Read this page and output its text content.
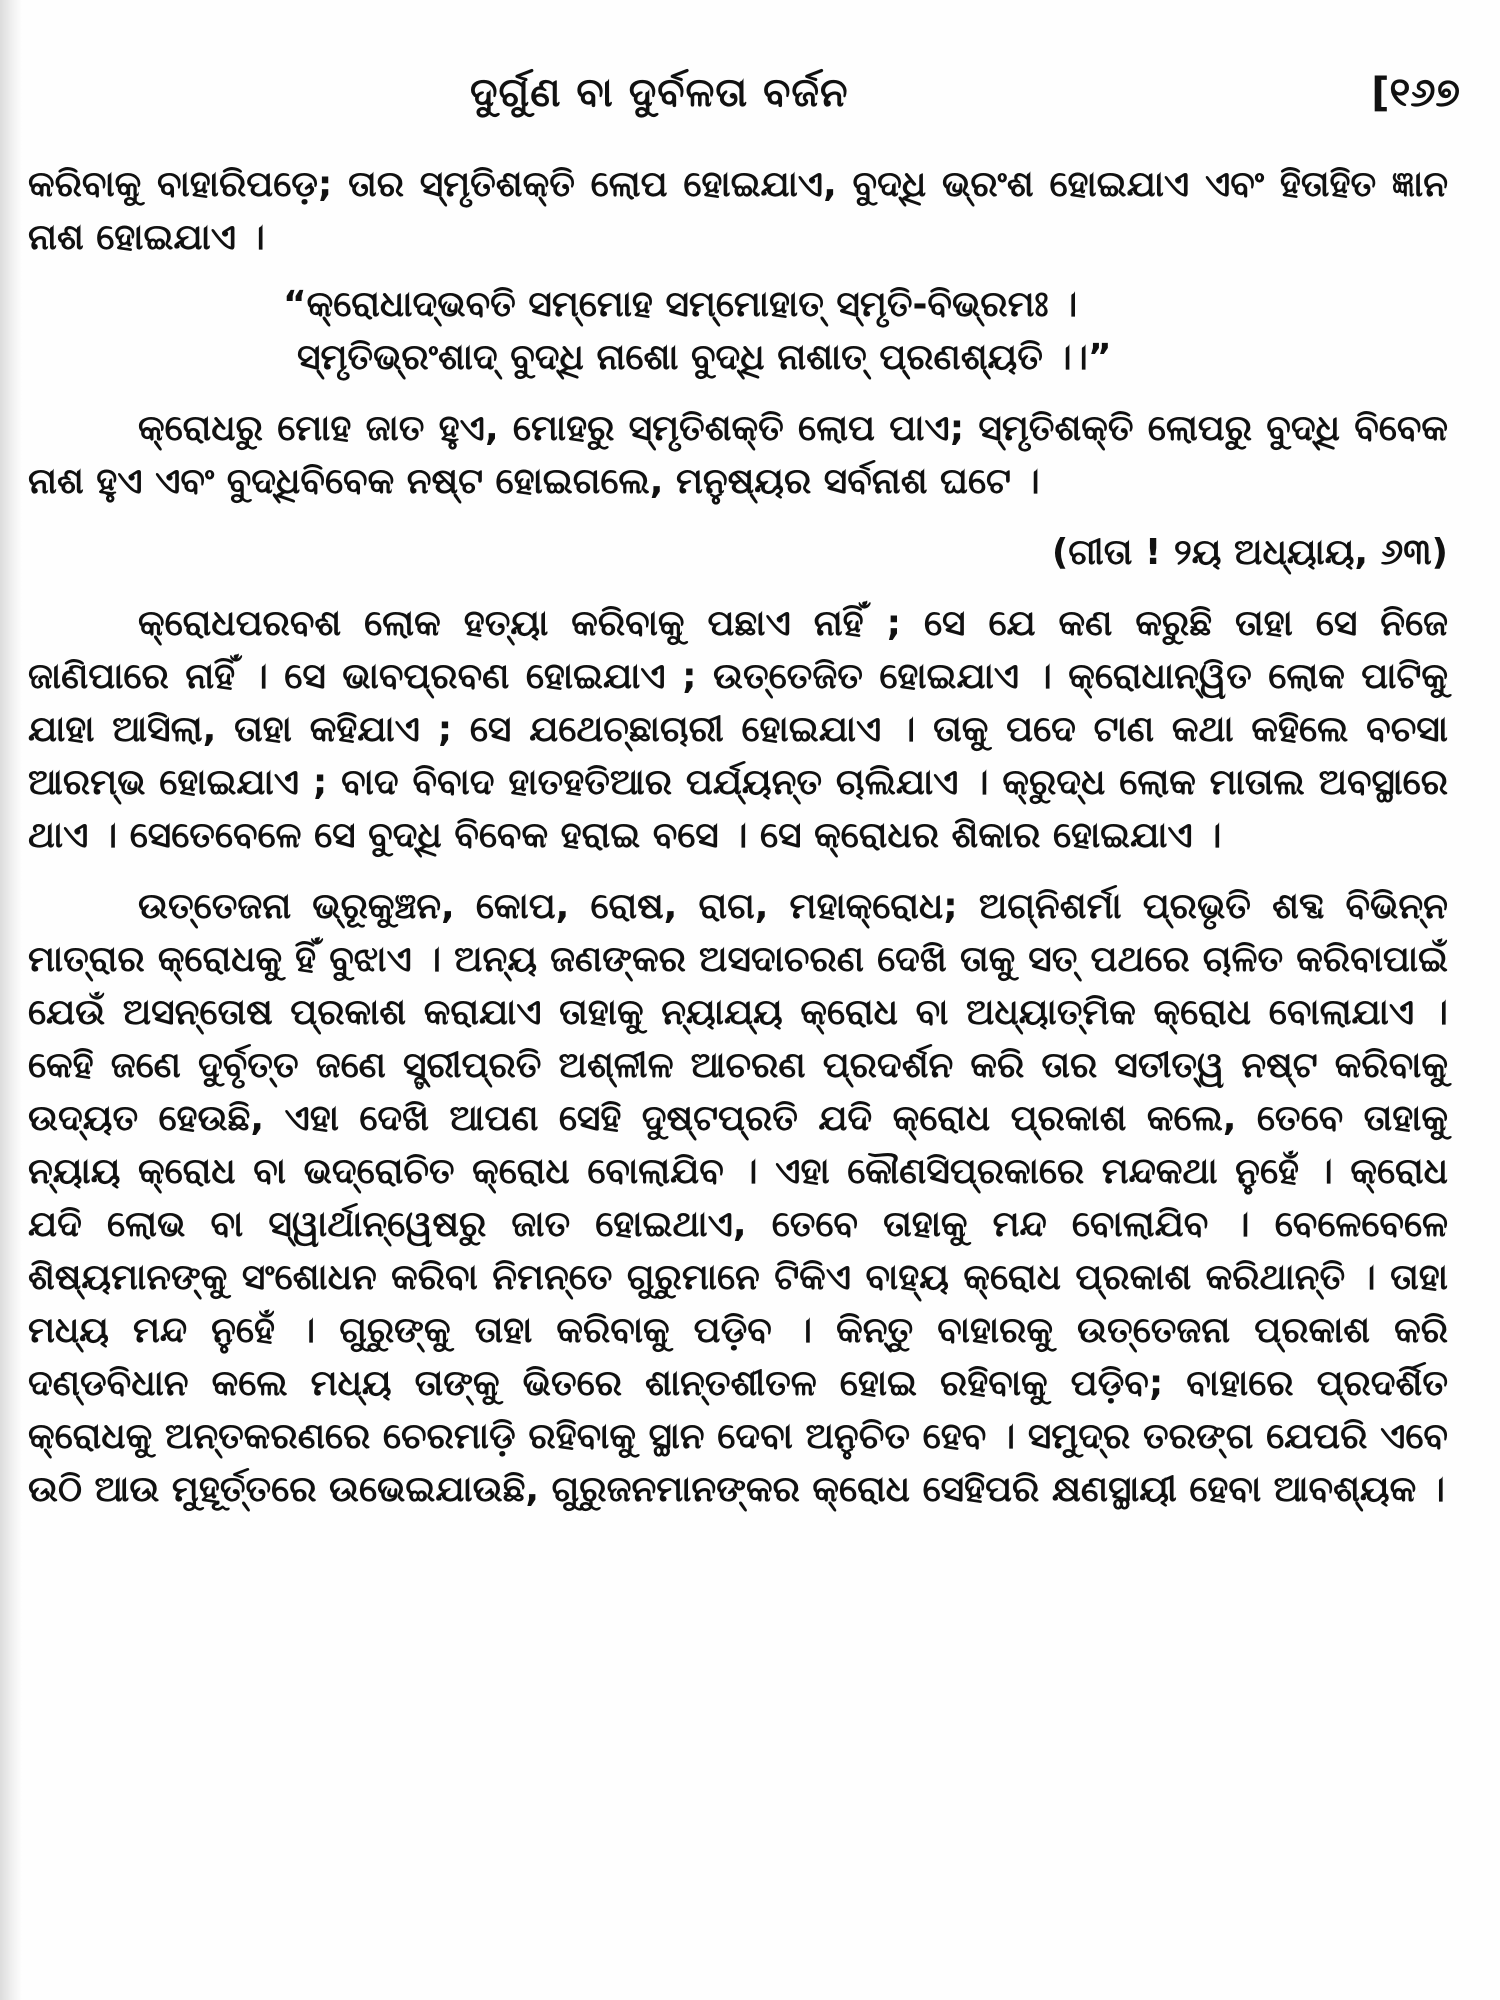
ଦୁର୍ଗୁଣ ବା ଦୁର୍ବଳତା ବର୍ଜନ	[୧୬୭

କରିବାକୁ ବାହାରିପଡ଼େ; ତାର ସ୍ମୃତିଶକ୍ତି ଲୋପ ହୋଇଯାଏ, ବୁଦ୍ଧି ଭ୍ରଂଶ ହୋଇଯାଏ ଏବଂ ହିତାହିତ ଜ୍ଞାନ ନାଶ ହୋଇଯାଏ ।

“କ୍ରୋଧାଦ୍‌ଭବତି ସମ୍ମୋହ ସମ୍ମୋହାତ୍‌ ସ୍ମୃତି-ବିଭ୍ରମଃ ।
ସ୍ମୃତିଭ୍ରଂଶାଦ୍‌ ବୁଦ୍ଧି ନାଶୋ ବୁଦ୍ଧି ନାଶାତ୍‌ ପ୍ରଣଶ୍ୟତି ।।”

କ୍ରୋଧରୁ ମୋହ ଜାତ ହୁଏ, ମୋହରୁ ସ୍ମୃତିଶକ୍ତି ଲୋପ ପାଏ; ସ୍ମୃତିଶକ୍ତି ଲୋପରୁ ବୁଦ୍ଧି ବିବେକ ନାଶ ହୁଏ ଏବଂ ବୁଦ୍ଧିବିବେକ ନଷ୍ଟ ହୋଇଗଲେ, ମନୁଷ୍ୟର ସର୍ବନାଶ ଘଟେ ।

(ଗୀତା ! ୨ୟ ଅଧ୍ୟାୟ, ୬୩)

କ୍ରୋଧପରବଶ ଲୋକ ହତ୍ୟା କରିବାକୁ ପଛାଏ ନାହିଁ ; ସେ ଯେ କଣ କରୁଛି ତାହା ସେ ନିଜେ ଜାଣିପାରେ ନାହିଁ । ସେ ଭାବପ୍ରବଣ ହୋଇଯାଏ ; ଉତ୍ତେଜିତ ହୋଇଯାଏ । କ୍ରୋଧାନ୍ୱିତ ଲୋକ ପାଟିକୁ ଯାହା ଆସିଲା, ତାହା କହିଯାଏ ; ସେ ଯଥେଚ୍ଛାଚାରୀ ହୋଇଯାଏ । ତାକୁ ପଦେ ଟାଣ କଥା କହିଲେ ବଚସା ଆରମ୍ଭ ହୋଇଯାଏ ; ବାଦ ବିବାଦ ହାତହତିଆର ପର୍ଯ୍ୟନ୍ତ ଚାଲିଯାଏ । କ୍ରୁଦ୍ଧ ଲୋକ ମାତାଲ ଅବସ୍ଥାରେ ଥାଏ । ସେତେବେଳେ ସେ ବୁଦ୍ଧି ବିବେକ ହରାଇ ବସେ । ସେ କ୍ରୋଧର ଶିକାର ହୋଇଯାଏ ।

ଉତ୍ତେଜନା ଭ୍ରୂକୁଞ୍ଚନ, କୋପ, ରୋଷ, ରାଗ, ମହାକ୍ରୋଧ; ଅଗ୍ନିଶର୍ମା ପ୍ରଭୃତି ଶବ୍ଦ ବିଭିନ୍ନ ମାତ୍ରାର କ୍ରୋଧକୁ ହିଁ ବୁଝାଏ । ଅନ୍ୟ ଜଣଙ୍କର ଅସଦାଚରଣ ଦେଖି ତାକୁ ସତ୍‌ ପଥରେ ଚାଳିତ କରିବାପାଇଁ ଯେଉଁ ଅସନ୍ତୋଷ ପ୍ରକାଶ କରାଯାଏ ତାହାକୁ ନ୍ୟାଯ୍ୟ କ୍ରୋଧ ବା ଅଧ୍ୟାତ୍ମିକ କ୍ରୋଧ ବୋଲାଯାଏ । କେହି ଜଣେ ଦୁର୍ବୃତ୍ତ ଜଣେ ସ୍ତ୍ରୀପ୍ରତି ଅଶ୍ଳୀଳ ଆଚରଣ ପ୍ରଦର୍ଶନ କରି ତାର ସତୀତ୍ୱ ନଷ୍ଟ କରିବାକୁ ଉଦ୍ୟତ ହେଉଛି, ଏହା ଦେଖି ଆପଣ ସେହି ଦୁଷ୍ଟପ୍ରତି ଯଦି କ୍ରୋଧ ପ୍ରକାଶ କଲେ, ତେବେ ତାହାକୁ ନ୍ୟାୟ କ୍ରୋଧ ବା ଭଦ୍ରୋଚିତ କ୍ରୋଧ ବୋଲାଯିବ । ଏହା କୌଣସିପ୍ରକାରେ ମନ୍ଦକଥା ନୁହେଁ । କ୍ରୋଧ ଯଦି ଲୋଭ ବା ସ୍ୱାର୍ଥାନ୍ୱେଷରୁ ଜାତ ହୋଇଥାଏ, ତେବେ ତାହାକୁ ମନ୍ଦ ବୋଲାଯିବ । ବେଳେବେଳେ ଶିଷ୍ୟମାନଙ୍କୁ ସଂଶୋଧନ କରିବା ନିମନ୍ତେ ଗୁରୁମାନେ ଟିକିଏ ବାହ୍ୟ କ୍ରୋଧ ପ୍ରକାଶ କରିଥାନ୍ତି । ତାହା ମଧ୍ୟ ମନ୍ଦ ନୁହେଁ । ଗୁରୁଙ୍କୁ ତାହା କରିବାକୁ ପଡ଼ିବ । କିନ୍ତୁ ବାହାରକୁ ଉତ୍ତେଜନା ପ୍ରକାଶ କରି ଦଣ୍ଡବିଧାନ କଲେ ମଧ୍ୟ ତାଙ୍କୁ ଭିତରେ ଶାନ୍ତଶୀତଳ ହୋଇ ରହିବାକୁ ପଡ଼ିବ; ବାହାରେ ପ୍ରଦର୍ଶିତ କ୍ରୋଧକୁ ଅନ୍ତକରଣରେ ଚେରମାଡ଼ି ରହିବାକୁ ସ୍ଥାନ ଦେବା ଅନୁଚିତ ହେବ । ସମୁଦ୍ର ତରଙ୍ଗ ଯେପରି ଏବେ ଉଠି ଆଉ ମୁହୂର୍ତ୍ତରେ ଉଭେଇଯାଉଛି, ଗୁରୁଜନମାନଙ୍କର କ୍ରୋଧ ସେହିପରି କ୍ଷଣସ୍ଥାୟୀ ହେବା ଆବଶ୍ୟକ ।
